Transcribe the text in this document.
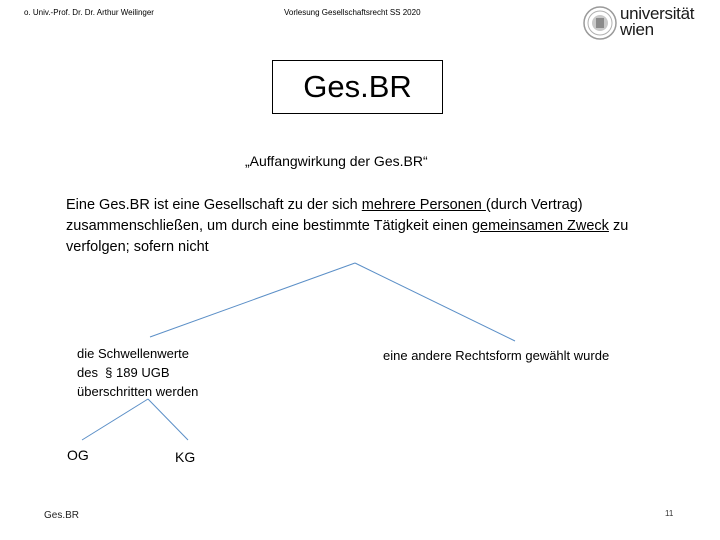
o. Univ.-Prof. Dr. Dr. Arthur Weilinger	Vorlesung Gesellschaftsrecht SS 2020	universität
wien
Ges.BR
„Auffangwirkung der Ges.BR“
Eine Ges.BR ist eine Gesellschaft zu der sich mehrere Personen (durch Vertrag) zusammenschließen, um durch eine bestimmte Tätigkeit einen gemeinsamen Zweck zu verfolgen; sofern nicht
die Schwellenwerte
des  § 189 UGB
überschritten werden
eine andere Rechtsform gewählt wurde
OG	KG
Ges.BR	11
